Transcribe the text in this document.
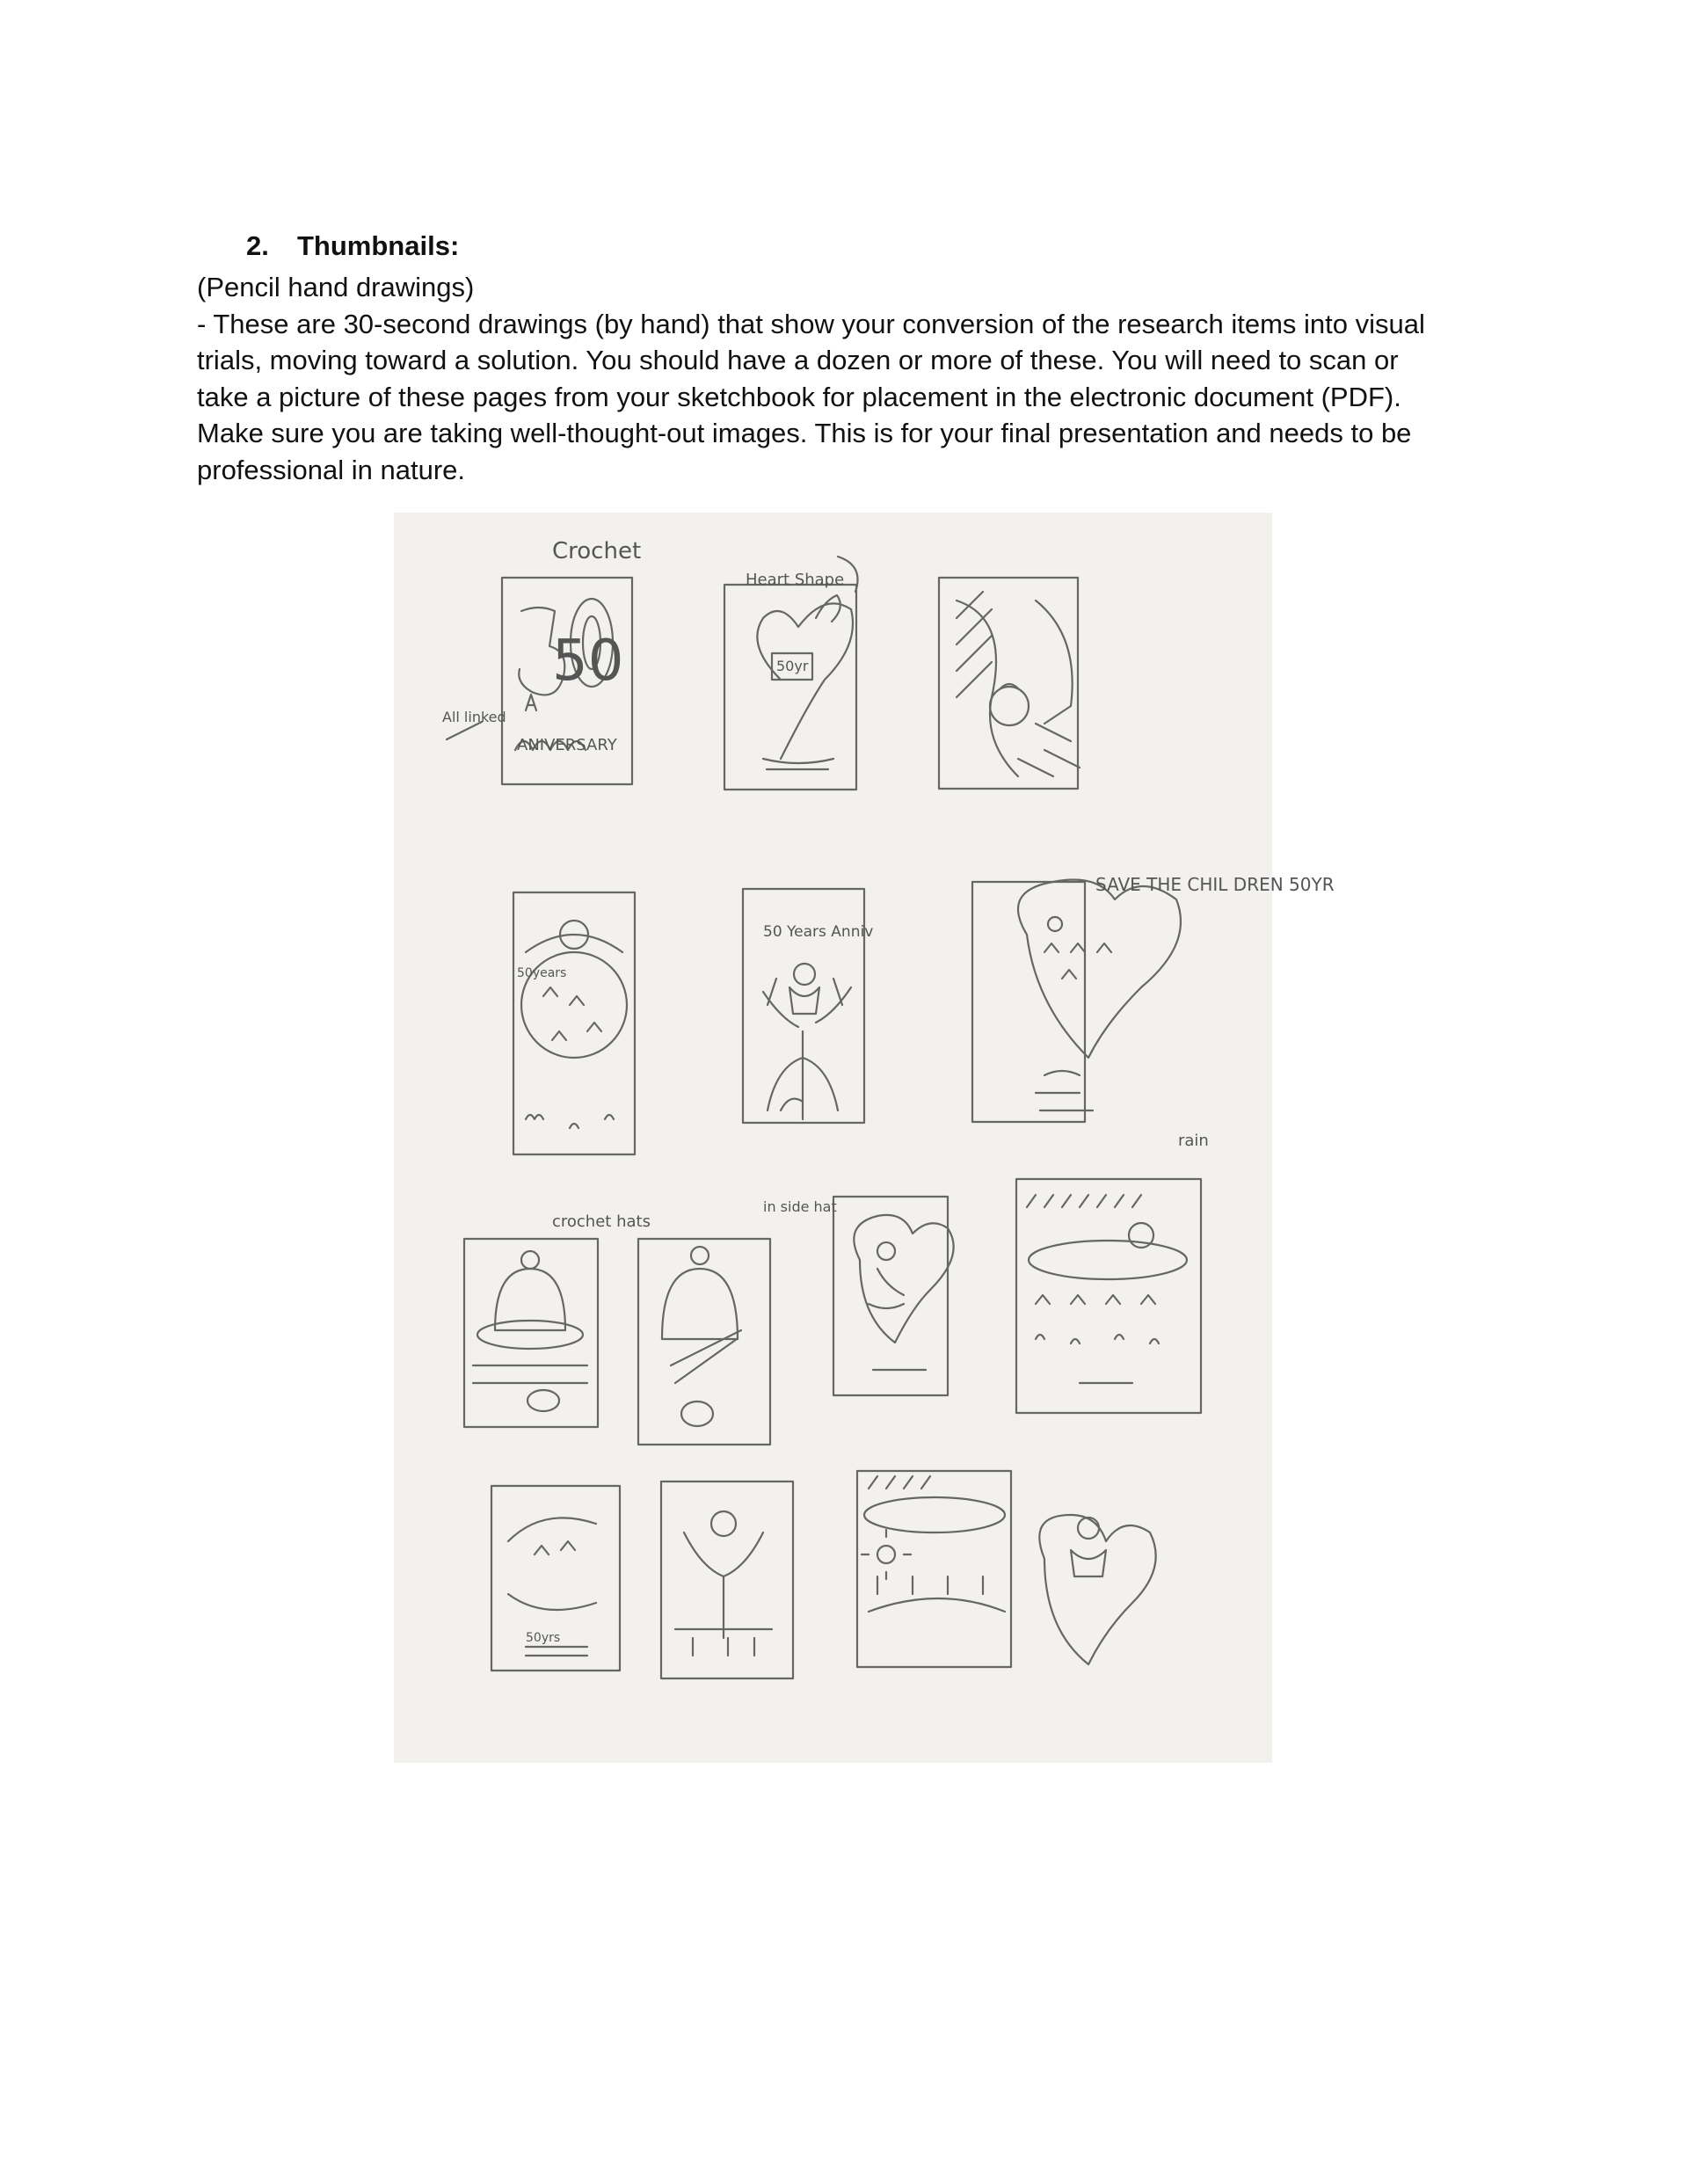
2. Thumbnails:
(Pencil hand drawings)
- These are 30-second drawings (by hand) that show your conversion of the research items into visual
trials, moving toward a solution. You should have a dozen or more of these. You will need to scan or
take a picture of these pages from your sketchbook for placement in the electronic document (PDF).
Make sure you are taking well-thought-out images. This is for your final presentation and needs to be
professional in nature.
Crochet
Heart Shape
50
ANIVERSARY
All linked
50yr
SAVE THE CHIL DREN 50YR
50 Years Anniv
50years
crochet hats
in side hat
rain
50yrs
